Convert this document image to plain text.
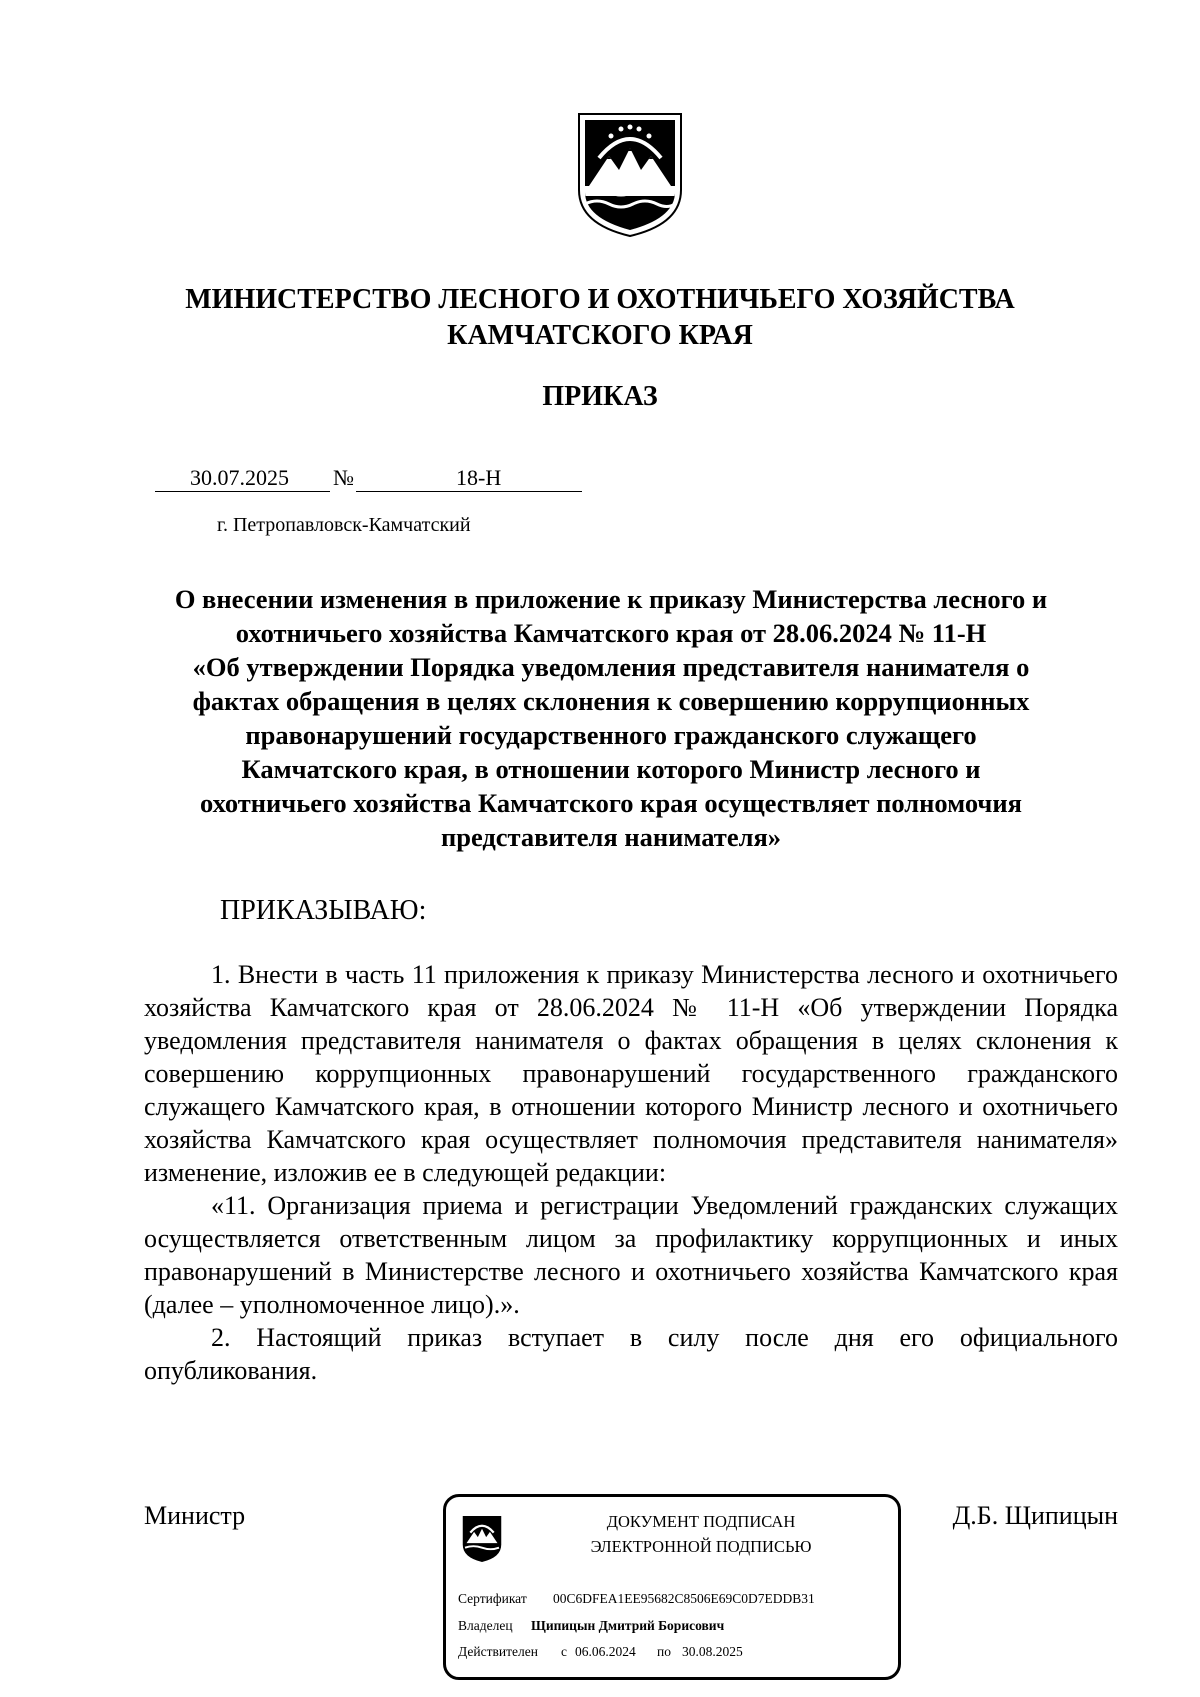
МИНИСТЕРСТВО ЛЕСНОГО И ОХОТНИЧЬЕГО ХОЗЯЙСТВА
КАМЧАТСКОГО КРАЯ
ПРИКАЗ
30.07.2025 №	18-Н
г. Петропавловск-Камчатский
О внесении изменения в приложение к приказу Министерства лесного и
охотничьего хозяйства Камчатского края от 28.06.2024 № 11-Н
«Об утверждении Порядка уведомления представителя нанимателя о
фактах обращения в целях склонения к совершению коррупционных
правонарушений государственного гражданского служащего
Камчатского края, в отношении которого Министр лесного и
охотничьего хозяйства Камчатского края осуществляет полномочия
представителя нанимателя»
ПРИКАЗЫВАЮ:

1. Внести в часть 11 приложения к приказу Министерства лесного и охотничьего хозяйства Камчатского края от 28.06.2024 № 11-Н «Об утверждении Порядка уведомления представителя нанимателя о фактах обращения в целях склонения к совершению коррупционных правонарушений государственного гражданского служащего Камчатского края, в отношении которого Министр лесного и охотничьего хозяйства Камчатского края осуществляет полномочия представителя нанимателя» изменение, изложив ее в следующей редакции:

«11. Организация приема и регистрации Уведомлений гражданских служащих осуществляется ответственным лицом за профилактику коррупционных и иных правонарушений в Министерстве лесного и охотничьего хозяйства Камчатского края (далее – уполномоченное лицо).».

2. Настоящий приказ вступает в силу после дня его официального опубликования.

Министр	Д.Б. Щипицын
ДОКУМЕНТ ПОДПИСАН
ЭЛЕКТРОННОЙ ПОДПИСЬЮ
Сертификат 00C6DFEA1EE95682C8506E69C0D7EDDB31
Владелец Щипицын Дмитрий Борисович
Действителен с 06.06.2024 по 30.08.2025
